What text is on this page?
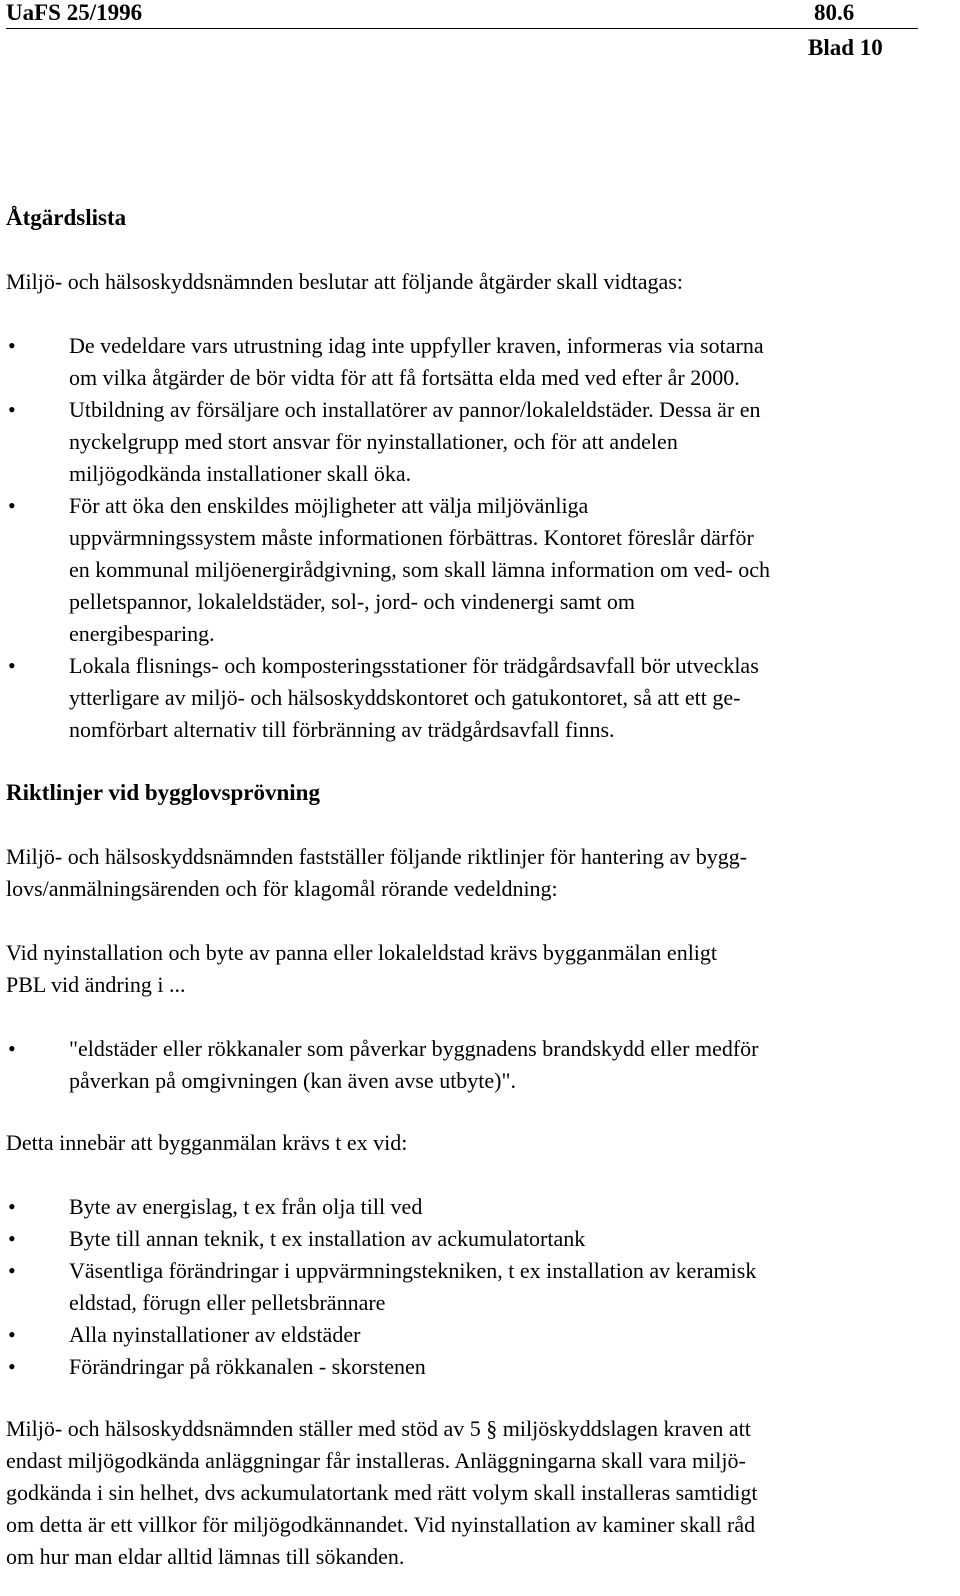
UaFS 25/1996	80.6
Blad 10
Åtgärdslista
Miljö- och hälsoskyddsnämnden beslutar att följande åtgärder skall vidtagas:
• De vedeldare vars utrustning idag inte uppfyller kraven, informeras via sotarna
om vilka åtgärder de bör vidta för att få fortsätta elda med ved efter år 2000.
• Utbildning av försäljare och installatörer av pannor/lokaleldstäder. Dessa är en
nyckelgrupp med stort ansvar för nyinstallationer, och för att andelen
miljögodkända installationer skall öka.
• För att öka den enskildes möjligheter att välja miljövänliga
uppvärmningssystem måste informationen förbättras. Kontoret föreslår därför
en kommunal miljöenergirådgivning, som skall lämna information om ved- och
pelletspannor, lokaleldstäder, sol-, jord- och vindenergi samt om
energibesparing.
• Lokala flisnings- och komposteringsstationer för trädgårdsavfall bör utvecklas
ytterligare av miljö- och hälsoskyddskontoret och gatukontoret, så att ett ge-
nomförbart alternativ till förbränning av trädgårdsavfall finns.
Riktlinjer vid bygglovsprövning
Miljö- och hälsoskyddsnämnden fastställer följande riktlinjer för hantering av bygg-
lovs/anmälningsärenden och för klagomål rörande vedeldning:
Vid nyinstallation och byte av panna eller lokaleldstad krävs bygganmälan enligt
PBL vid ändring i ...
• "eldstäder eller rökkanaler som påverkar byggnadens brandskydd eller medför
påverkan på omgivningen (kan även avse utbyte)".
Detta innebär att bygganmälan krävs t ex vid:
• Byte av energislag, t ex från olja till ved
• Byte till annan teknik, t ex installation av ackumulatortank
• Väsentliga förändringar i uppvärmningstekniken, t ex installation av keramisk
eldstad, förugn eller pelletsbrännare
• Alla nyinstallationer av eldstäder
• Förändringar på rökkanalen - skorstenen
Miljö- och hälsoskyddsnämnden ställer med stöd av 5 § miljöskyddslagen kraven att
endast miljögodkända anläggningar får installeras. Anläggningarna skall vara miljö-
godkända i sin helhet, dvs ackumulatortank med rätt volym skall installeras samtidigt
om detta är ett villkor för miljögodkännandet. Vid nyinstallation av kaminer skall råd
om hur man eldar alltid lämnas till sökanden.
